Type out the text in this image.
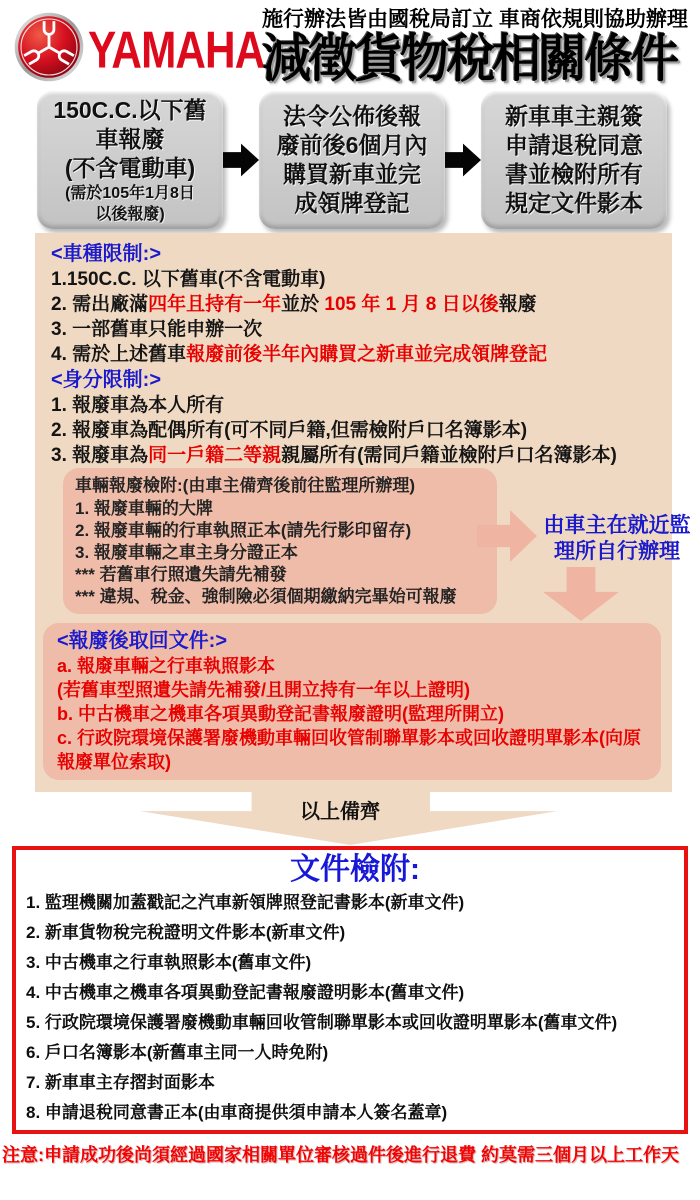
YAMAHA
施行辦法皆由國稅局訂立 車商依規則協助辦理
減徵貨物稅相關條件
150C.C.以下舊
車報廢
(不含電動車)
(需於105年1月8日
以後報廢)
法令公佈後報
廢前後6個月內
購買新車並完
成領牌登記
新車車主親簽
申請退稅同意
書並檢附所有
規定文件影本
<車種限制:>
1.150C.C. 以下舊車(不含電動車)
2. 需出廠滿四年且持有一年並於 105 年 1 月 8 日以後報廢
3. 一部舊車只能申辦一次
4. 需於上述舊車報廢前後半年內購買之新車並完成領牌登記
<身分限制:>
1. 報廢車為本人所有
2. 報廢車為配偶所有(可不同戶籍,但需檢附戶口名簿影本)
3. 報廢車為同一戶籍二等親親屬所有(需同戶籍並檢附戶口名簿影本)
車輛報廢檢附:(由車主備齊後前往監理所辦理)
1. 報廢車輛的大牌
2. 報廢車輛的行車執照正本(請先行影印留存)
3. 報廢車輛之車主身分證正本
*** 若舊車行照遺失請先補發
*** 違規、稅金、強制險必須個期繳納完畢始可報廢
由車主在就近監
理所自行辦理
<報廢後取回文件:>
a. 報廢車輛之行車執照影本
(若舊車型照遺失請先補發/且開立持有一年以上證明)
b. 中古機車之機車各項異動登記書報廢證明(監理所開立)
c. 行政院環境保護署廢機動車輛回收管制聯單影本或回收證明單影本(向原報廢單位索取)
以上備齊
文件檢附:
1. 監理機關加蓋戳記之汽車新領牌照登記書影本(新車文件)
2. 新車貨物稅完稅證明文件影本(新車文件)
3. 中古機車之行車執照影本(舊車文件)
4. 中古機車之機車各項異動登記書報廢證明影本(舊車文件)
5. 行政院環境保護署廢機動車輛回收管制聯單影本或回收證明單影本(舊車文件)
6. 戶口名簿影本(新舊車主同一人時免附)
7. 新車車主存摺封面影本
8. 申請退稅同意書正本(由車商提供須申請本人簽名蓋章)
注意:申請成功後尚須經過國家相關單位審核過件後進行退費 約莫需三個月以上工作天
